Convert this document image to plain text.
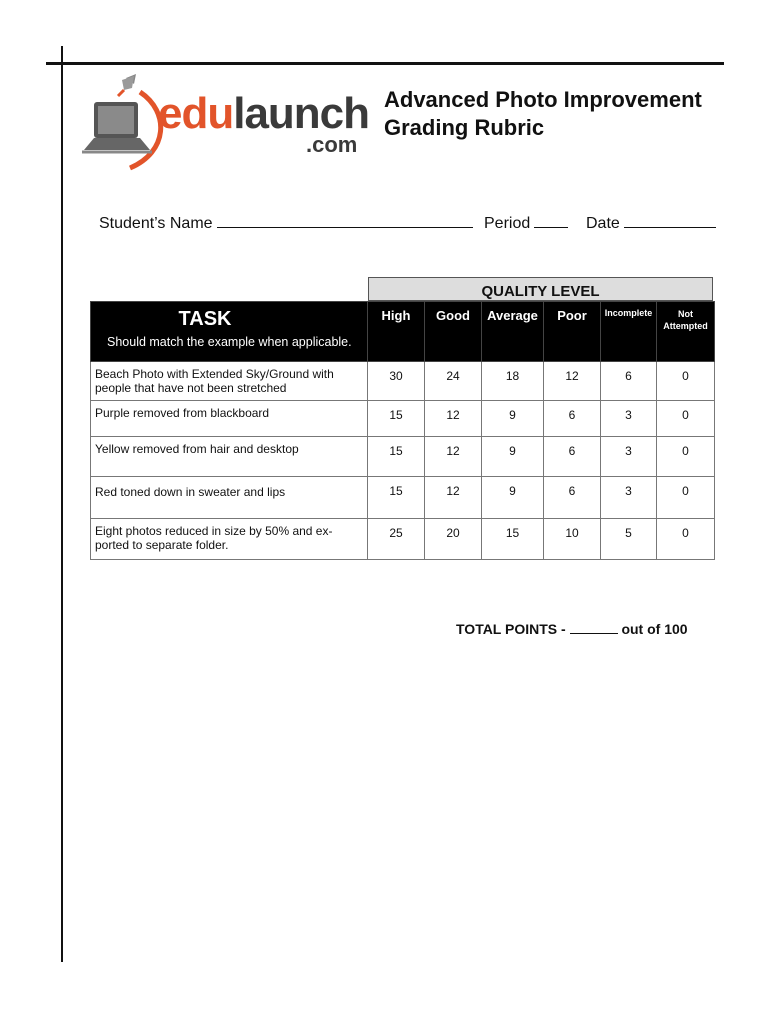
edulaunch
.com
Advanced Photo Improvement
Grading Rubric
Student’s Name	Period	Date
QUALITY LEVEL
TASK
Should match the example when applicable.	High	Good	Average	Poor	Incomplete	Not Attempted
Beach Photo with Extended Sky/Ground with people that have not been stretched	30	24	18	12	6	0
Purple removed from blackboard	15	12	9	6	3	0
Yellow removed from hair and desktop	15	12	9	6	3	0
Red toned down in sweater and lips	15	12	9	6	3	0
Eight photos reduced in size by 50% and ex-ported to separate folder.	25	20	15	10	5	0
TOTAL POINTS -	out of 100
